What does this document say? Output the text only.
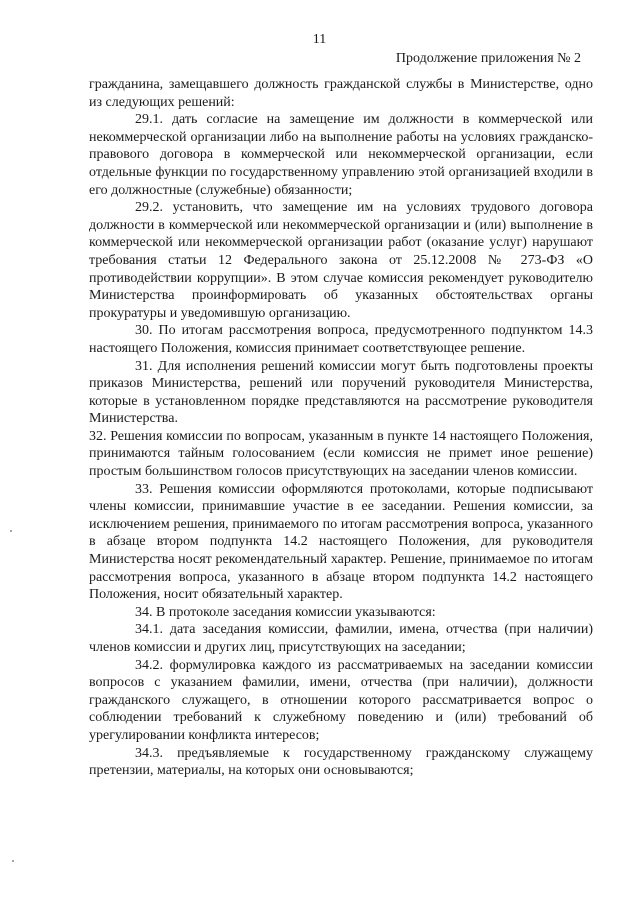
11
Продолжение приложения № 2

гражданина, замещавшего должность гражданской службы в Министерстве, одно из следующих решений:

29.1. дать согласие на замещение им должности в коммерческой или некоммерческой организации либо на выполнение работы на условиях гражданско-правового договора в коммерческой или некоммерческой организации, если отдельные функции по государственному управлению этой организацией входили в его должностные (служебные) обязанности;

29.2. установить, что замещение им на условиях трудового договора должности в коммерческой или некоммерческой организации и (или) выполнение в коммерческой или некоммерческой организации работ (оказание услуг) нарушают требования статьи 12 Федерального закона от 25.12.2008 № 273-ФЗ «О противодействии коррупции». В этом случае комиссия рекомендует руководителю Министерства проинформировать об указанных обстоятельствах органы прокуратуры и уведомившую организацию.

30. По итогам рассмотрения вопроса, предусмотренного подпунктом 14.3 настоящего Положения, комиссия принимает соответствующее решение.

31. Для исполнения решений комиссии могут быть подготовлены проекты приказов Министерства, решений или поручений руководителя Министерства, которые в установленном порядке представляются на рассмотрение руководителя Министерства.

32. Решения комиссии по вопросам, указанным в пункте 14 настоящего Положения, принимаются тайным голосованием (если комиссия не примет иное решение) простым большинством голосов присутствующих на заседании членов комиссии.

33. Решения комиссии оформляются протоколами, которые подписывают члены комиссии, принимавшие участие в ее заседании. Решения комиссии, за исключением решения, принимаемого по итогам рассмотрения вопроса, указанного в абзаце втором подпункта 14.2 настоящего Положения, для руководителя Министерства носят рекомендательный характер. Решение, принимаемое по итогам рассмотрения вопроса, указанного в абзаце втором подпункта 14.2 настоящего Положения, носит обязательный характер.

34. В протоколе заседания комиссии указываются:

34.1. дата заседания комиссии, фамилии, имена, отчества (при наличии) членов комиссии и других лиц, присутствующих на заседании;

34.2. формулировка каждого из рассматриваемых на заседании комиссии вопросов с указанием фамилии, имени, отчества (при наличии), должности гражданского служащего, в отношении которого рассматривается вопрос о соблюдении требований к служебному поведению и (или) требований об урегулировании конфликта интересов;

34.3. предъявляемые к государственному гражданскому служащему претензии, материалы, на которых они основываются;
